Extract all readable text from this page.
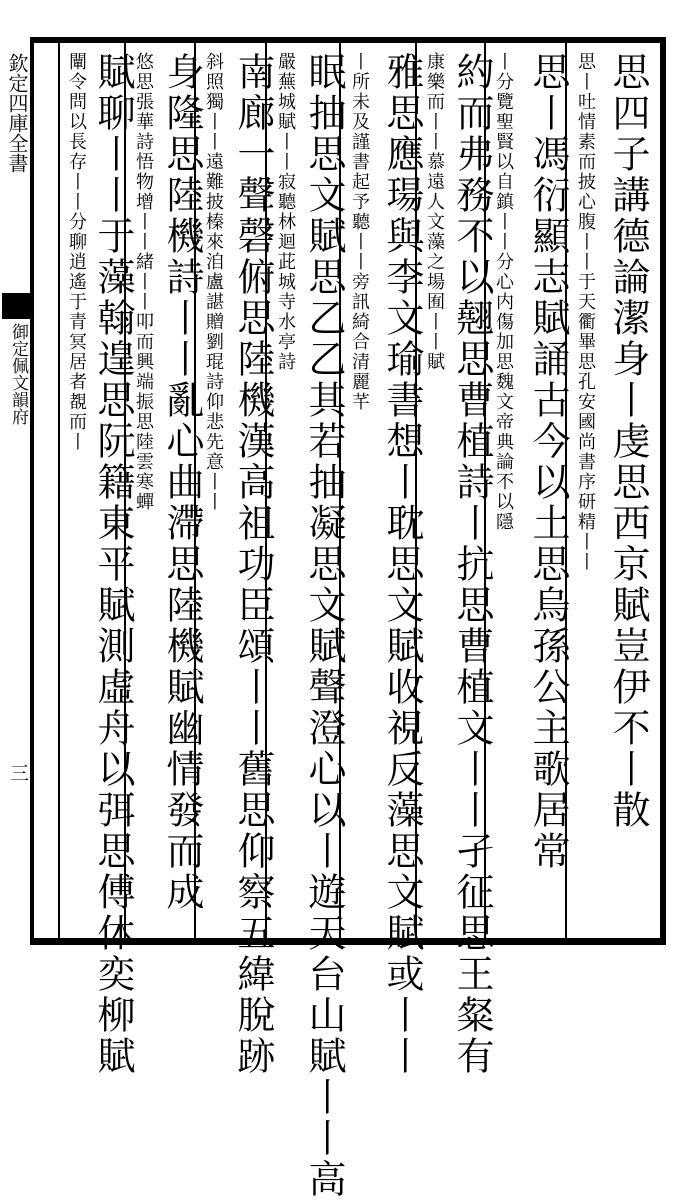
欽定四庫全書
御定佩文韻府
三	思四子講德論潔身丨虔思西京賦豈伊不丨散
思丨吐情素而披心腹丨丨于天衢畢思孔安國尚書序研精丨丨
思丨馮衍顯志賦誦古今以土思烏孫公主歌居常
丨分覽聖賢以自鎮丨丨分心内傷加思魏文帝典論不以隱
約而弗務不以翹思曹植詩丨抗思曹植文丨丨孑征思王粲有
康樂而丨丨慕遠人文藻之場囿丨丨賦
雅思應瑒與李文瑜書想丨耽思文賦收視反藻思文賦或丨丨
丨所未及謹書起予聽丨丨旁訊綺合清麗芊
眠抽思文賦思乙乙其若抽凝思文賦聲澄心以丨遊天台山賦丨丨高
嚴蕪城賦丨丨寂聽林迴茈城寺水亭詩
南廊一聲磬俯思陸機漢高祖功臣頌丨丨舊思仰察五緯脫跡
斜照獨丨丨遠難披榛來洎盧諶贈劉琨詩仰悲先意丨丨
身隆思陸機詩丨丨亂心曲滯思陸機賦幽情發而成
悠思張華詩悟物增丨丨緒丨丨叩而興端振思陸雲寒蟬
賦聊丨丨于藻翰遑思阮籍東平賦測虛舟以弭思傅休奕柳賦
闡令問以長存丨丨分聊逍遙于青冥居者覩而丨
